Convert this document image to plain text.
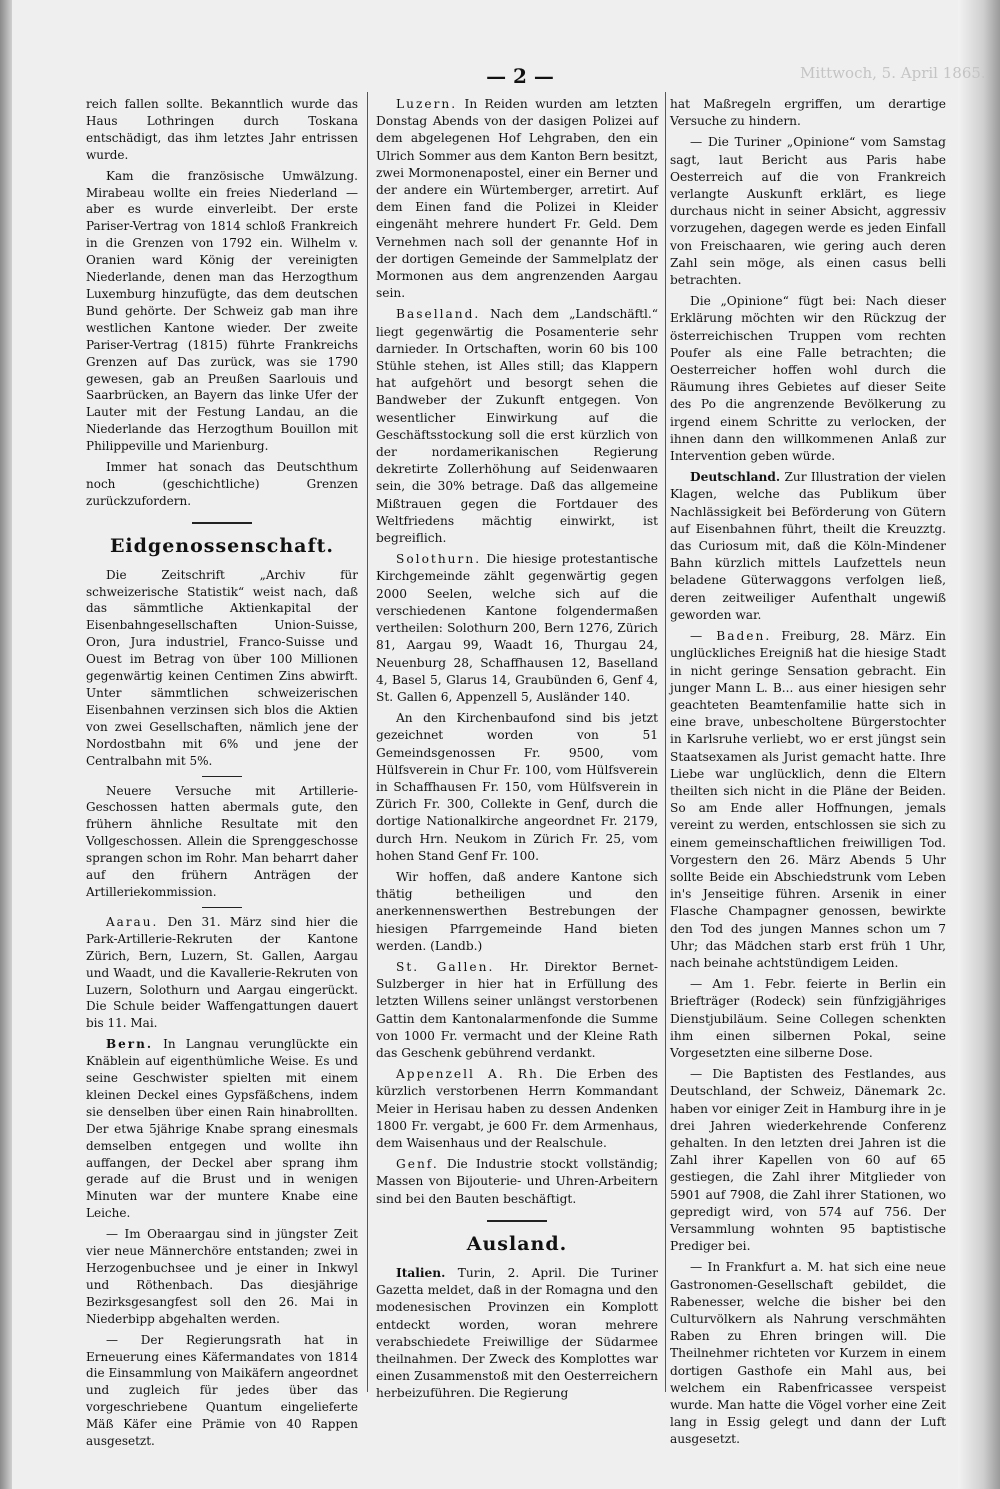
Mittwoch, 5. April 1865.
— 2 —

reich fallen sollte. Bekanntlich wurde das Haus Lothringen durch Toskana entschädigt, das ihm letztes Jahr entrissen wurde.

Kam die französische Umwälzung. Mirabeau wollte ein freies Niederland — aber es wurde einverleibt. Der erste Pariser-Vertrag von 1814 schloß Frankreich in die Grenzen von 1792 ein. Wilhelm v. Oranien ward König der vereinigten Niederlande, denen man das Herzogthum Luxemburg hinzufügte, das dem deutschen Bund gehörte. Der Schweiz gab man ihre westlichen Kantone wieder. Der zweite Pariser-Vertrag (1815) führte Frankreichs Grenzen auf Das zurück, was sie 1790 gewesen, gab an Preußen Saarlouis und Saarbrücken, an Bayern das linke Ufer der Lauter mit der Festung Landau, an die Niederlande das Herzogthum Bouillon mit Philippeville und Marienburg.

Immer hat sonach das Deutschthum noch (geschichtliche) Grenzen zurückzufordern.

Eidgenossenschaft.

Die Zeitschrift „Archiv für schweizerische Statistik“ weist nach, daß das sämmtliche Aktienkapital der Eisenbahngesellschaften Union-Suisse, Oron, Jura industriel, Franco-Suisse und Ouest im Betrag von über 100 Millionen gegenwärtig keinen Centimen Zins abwirft. Unter sämmtlichen schweizerischen Eisenbahnen verzinsen sich blos die Aktien von zwei Gesellschaften, nämlich jene der Nordostbahn mit 6% und jene der Centralbahn mit 5%.

Neuere Versuche mit Artillerie-Geschossen hatten abermals gute, den frühern ähnliche Resultate mit den Vollgeschossen. Allein die Sprenggeschosse sprangen schon im Rohr. Man beharrt daher auf den frühern Anträgen der Artilleriekommission.

Aarau. Den 31. März sind hier die Park-Artillerie-Rekruten der Kantone Zürich, Bern, Luzern, St. Gallen, Aargau und Waadt, und die Kavallerie-Rekruten von Luzern, Solothurn und Aargau eingerückt. Die Schule beider Waffengattungen dauert bis 11. Mai.

Bern. In Langnau verunglückte ein Knäblein auf eigenthümliche Weise. Es und seine Geschwister spielten mit einem kleinen Deckel eines Gypsfäßchens, indem sie denselben über einen Rain hinabrollten. Der etwa 5jährige Knabe sprang einesmals demselben entgegen und wollte ihn auffangen, der Deckel aber sprang ihm gerade auf die Brust und in wenigen Minuten war der muntere Knabe eine Leiche.

— Im Oberaargau sind in jüngster Zeit vier neue Männerchöre entstanden; zwei in Herzogenbuchsee und je einer in Inkwyl und Röthenbach. Das diesjährige Bezirksgesangfest soll den 26. Mai in Niederbipp abgehalten werden.

— Der Regierungsrath hat in Erneuerung eines Käfermandates von 1814 die Einsammlung von Maikäfern angeordnet und zugleich für jedes über das vorgeschriebene Quantum eingelieferte Mäß Käfer eine Prämie von 40 Rappen ausgesetzt.

Luzern. In Reiden wurden am letzten Donstag Abends von der dasigen Polizei auf dem abgelegenen Hof Lehgraben, den ein Ulrich Sommer aus dem Kanton Bern besitzt, zwei Mormonenapostel, einer ein Berner und der andere ein Würtemberger, arretirt. Auf dem Einen fand die Polizei in Kleider eingenäht mehrere hundert Fr. Geld. Dem Vernehmen nach soll der genannte Hof in der dortigen Gemeinde der Sammelplatz der Mormonen aus dem angrenzenden Aargau sein.

Baselland. Nach dem „Landschäftl.“ liegt gegenwärtig die Posamenterie sehr darnieder. In Ortschaften, worin 60 bis 100 Stühle stehen, ist Alles still; das Klappern hat aufgehört und besorgt sehen die Bandweber der Zukunft entgegen. Von wesentlicher Einwirkung auf die Geschäftsstockung soll die erst kürzlich von der nordamerikanischen Regierung dekretirte Zollerhöhung auf Seidenwaaren sein, die 30% betrage. Daß das allgemeine Mißtrauen gegen die Fortdauer des Weltfriedens mächtig einwirkt, ist begreiflich.

Solothurn. Die hiesige protestantische Kirchgemeinde zählt gegenwärtig gegen 2000 Seelen, welche sich auf die verschiedenen Kantone folgendermaßen vertheilen: Solothurn 200, Bern 1276, Zürich 81, Aargau 99, Waadt 16, Thurgau 24, Neuenburg 28, Schaffhausen 12, Baselland 4, Basel 5, Glarus 14, Graubünden 6, Genf 4, St. Gallen 6, Appenzell 5, Ausländer 140.

An den Kirchenbaufond sind bis jetzt gezeichnet worden von 51 Gemeindsgenossen Fr. 9500, vom Hülfsverein in Chur Fr. 100, vom Hülfsverein in Schaffhausen Fr. 150, vom Hülfsverein in Zürich Fr. 300, Collekte in Genf, durch die dortige Nationalkirche angeordnet Fr. 2179, durch Hrn. Neukom in Zürich Fr. 25, vom hohen Stand Genf Fr. 100.

Wir hoffen, daß andere Kantone sich thätig betheiligen und den anerkennenswerthen Bestrebungen der hiesigen Pfarrgemeinde Hand bieten werden. (Landb.)

St. Gallen. Hr. Direktor Bernet-Sulzberger in hier hat in Erfüllung des letzten Willens seiner unlängst verstorbenen Gattin dem Kantonalarmenfonde die Summe von 1000 Fr. vermacht und der Kleine Rath das Geschenk gebührend verdankt.

Appenzell A. Rh. Die Erben des kürzlich verstorbenen Herrn Kommandant Meier in Herisau haben zu dessen Andenken 1800 Fr. vergabt, je 600 Fr. dem Armenhaus, dem Waisenhaus und der Realschule.

Genf. Die Industrie stockt vollständig; Massen von Bijouterie- und Uhren-Arbeitern sind bei den Bauten beschäftigt.

Ausland.

Italien. Turin, 2. April. Die Turiner Gazetta meldet, daß in der Romagna und den modenesischen Provinzen ein Komplott entdeckt worden, woran mehrere verabschiedete Freiwillige der Südarmee theilnahmen. Der Zweck des Komplottes war einen Zusammenstoß mit den Oesterreichern herbeizuführen. Die Regierung

hat Maßregeln ergriffen, um derartige Versuche zu hindern.

— Die Turiner „Opinione“ vom Samstag sagt, laut Bericht aus Paris habe Oesterreich auf die von Frankreich verlangte Auskunft erklärt, es liege durchaus nicht in seiner Absicht, aggressiv vorzugehen, dagegen werde es jeden Einfall von Freischaaren, wie gering auch deren Zahl sein möge, als einen casus belli betrachten.

Die „Opinione“ fügt bei: Nach dieser Erklärung möchten wir den Rückzug der österreichischen Truppen vom rechten Poufer als eine Falle betrachten; die Oesterreicher hoffen wohl durch die Räumung ihres Gebietes auf dieser Seite des Po die angrenzende Bevölkerung zu irgend einem Schritte zu verlocken, der ihnen dann den willkommenen Anlaß zur Intervention geben würde.

Deutschland. Zur Illustration der vielen Klagen, welche das Publikum über Nachlässigkeit bei Beförderung von Gütern auf Eisenbahnen führt, theilt die Kreuzztg. das Curiosum mit, daß die Köln-Mindener Bahn kürzlich mittels Laufzettels neun beladene Güterwaggons verfolgen ließ, deren zeitweiliger Aufenthalt ungewiß geworden war.

— Baden. Freiburg, 28. März. Ein unglückliches Ereigniß hat die hiesige Stadt in nicht geringe Sensation gebracht. Ein junger Mann L. B... aus einer hiesigen sehr geachteten Beamtenfamilie hatte sich in eine brave, unbescholtene Bürgerstochter in Karlsruhe verliebt, wo er erst jüngst sein Staatsexamen als Jurist gemacht hatte. Ihre Liebe war unglücklich, denn die Eltern theilten sich nicht in die Pläne der Beiden. So am Ende aller Hoffnungen, jemals vereint zu werden, entschlossen sie sich zu einem gemeinschaftlichen freiwilligen Tod. Vorgestern den 26. März Abends 5 Uhr sollte Beide ein Abschiedstrunk vom Leben in's Jenseitige führen. Arsenik in einer Flasche Champagner genossen, bewirkte den Tod des jungen Mannes schon um 7 Uhr; das Mädchen starb erst früh 1 Uhr, nach beinahe achtstündigem Leiden.

— Am 1. Febr. feierte in Berlin ein Briefträger (Rodeck) sein fünfzigjähriges Dienstjubiläum. Seine Collegen schenkten ihm einen silbernen Pokal, seine Vorgesetzten eine silberne Dose.

— Die Baptisten des Festlandes, aus Deutschland, der Schweiz, Dänemark 2c. haben vor einiger Zeit in Hamburg ihre in je drei Jahren wiederkehrende Conferenz gehalten. In den letzten drei Jahren ist die Zahl ihrer Kapellen von 60 auf 65 gestiegen, die Zahl ihrer Mitglieder von 5901 auf 7908, die Zahl ihrer Stationen, wo gepredigt wird, von 574 auf 756. Der Versammlung wohnten 95 baptistische Prediger bei.

— In Frankfurt a. M. hat sich eine neue Gastronomen-Gesellschaft gebildet, die Rabenesser, welche die bisher bei den Culturvölkern als Nahrung verschmähten Raben zu Ehren bringen will. Die Theilnehmer richteten vor Kurzem in einem dortigen Gasthofe ein Mahl aus, bei welchem ein Rabenfricassee verspeist wurde. Man hatte die Vögel vorher eine Zeit lang in Essig gelegt und dann der Luft ausgesetzt.
